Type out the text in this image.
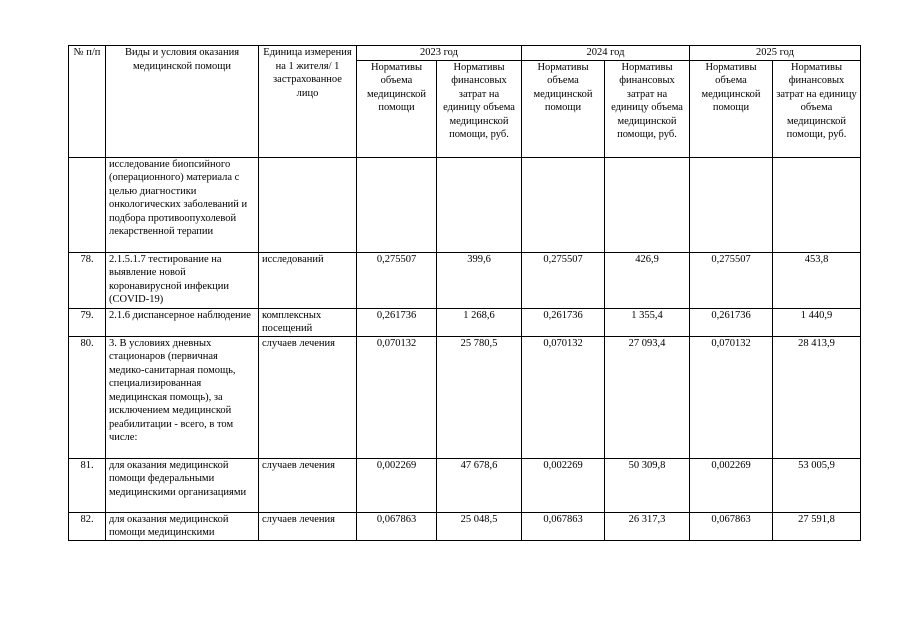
№ п/п	Виды и условия оказания медицинской помощи	Единица измерения на 1 жителя/ 1 застрахованное лицо	2023 год		2024 год		2025 год	
			Нормативы объема медицинской помощи	Нормативы финансовых затрат на единицу объема медицинской помощи, руб.	Нормативы объема медицинской помощи	Нормативы финансовых затрат на единицу объема медицинской помощи, руб.	Нормативы объема медицинской помощи	Нормативы финансовых затрат на единицу объема медицинской помощи, руб.
	исследование биопсийного (операционного) материала с целью диагностики онкологических заболеваний и подбора противоопухолевой лекарственной терапии							
78.	2.1.5.1.7 тестирование на выявление новой коронавирусной инфекции (COVID-19)	исследований	0,275507	399,6	0,275507	426,9	0,275507	453,8
79.	2.1.6 диспансерное наблюдение	комплексных посещений	0,261736	1 268,6	0,261736	1 355,4	0,261736	1 440,9
80.	3. В условиях дневных стационаров (первичная медико-санитарная помощь, специализированная медицинская помощь), за исключением медицинской реабилитации - всего, в том числе:	случаев лечения	0,070132	25 780,5	0,070132	27 093,4	0,070132	28 413,9
81.	для оказания медицинской помощи федеральными медицинскими организациями	случаев лечения	0,002269	47 678,6	0,002269	50 309,8	0,002269	53 005,9
82.	для оказания медицинской помощи медицинскими	случаев лечения	0,067863	25 048,5	0,067863	26 317,3	0,067863	27 591,8
